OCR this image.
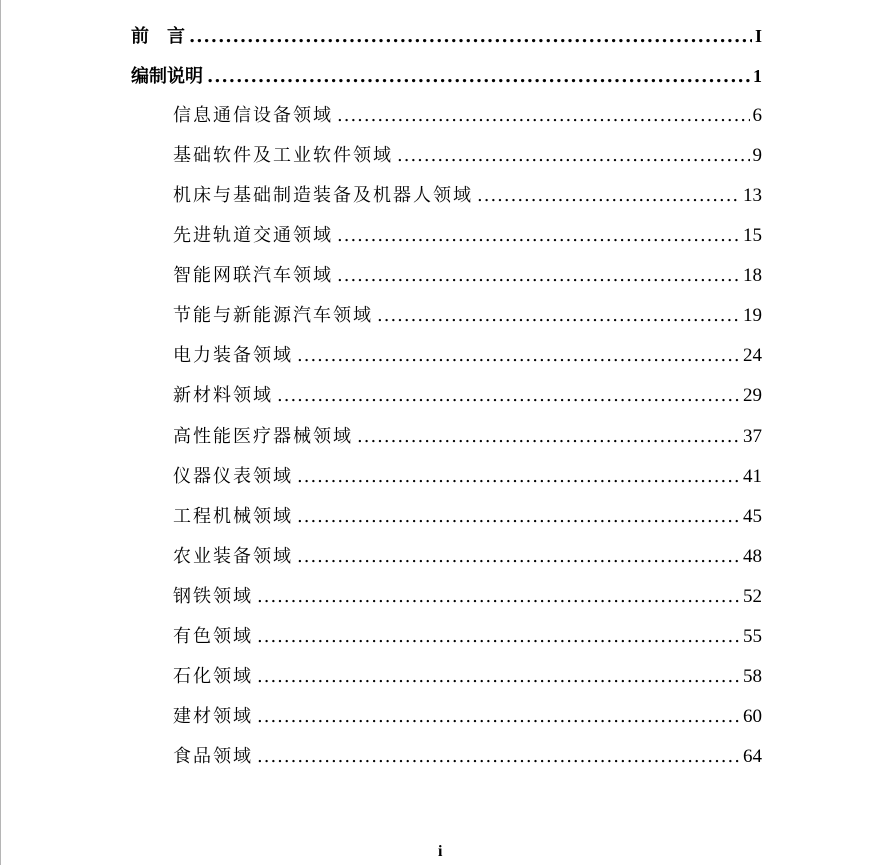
前　言 .....	I
编制说明 .....	1
信息通信设备领域 .....	6
基础软件及工业软件领域 .....	9
机床与基础制造装备及机器人领域 .....	13
先进轨道交通领域 .....	15
智能网联汽车领域 .....	18
节能与新能源汽车领域 .....	19
电力装备领域 .....	24
新材料领域 .....	29
高性能医疗器械领域 .....	37
仪器仪表领域 .....	41
工程机械领域 .....	45
农业装备领域 .....	48
钢铁领域 .....	52
有色领域 .....	55
石化领域 .....	58
建材领域 .....	60
食品领域 .....	64
i
